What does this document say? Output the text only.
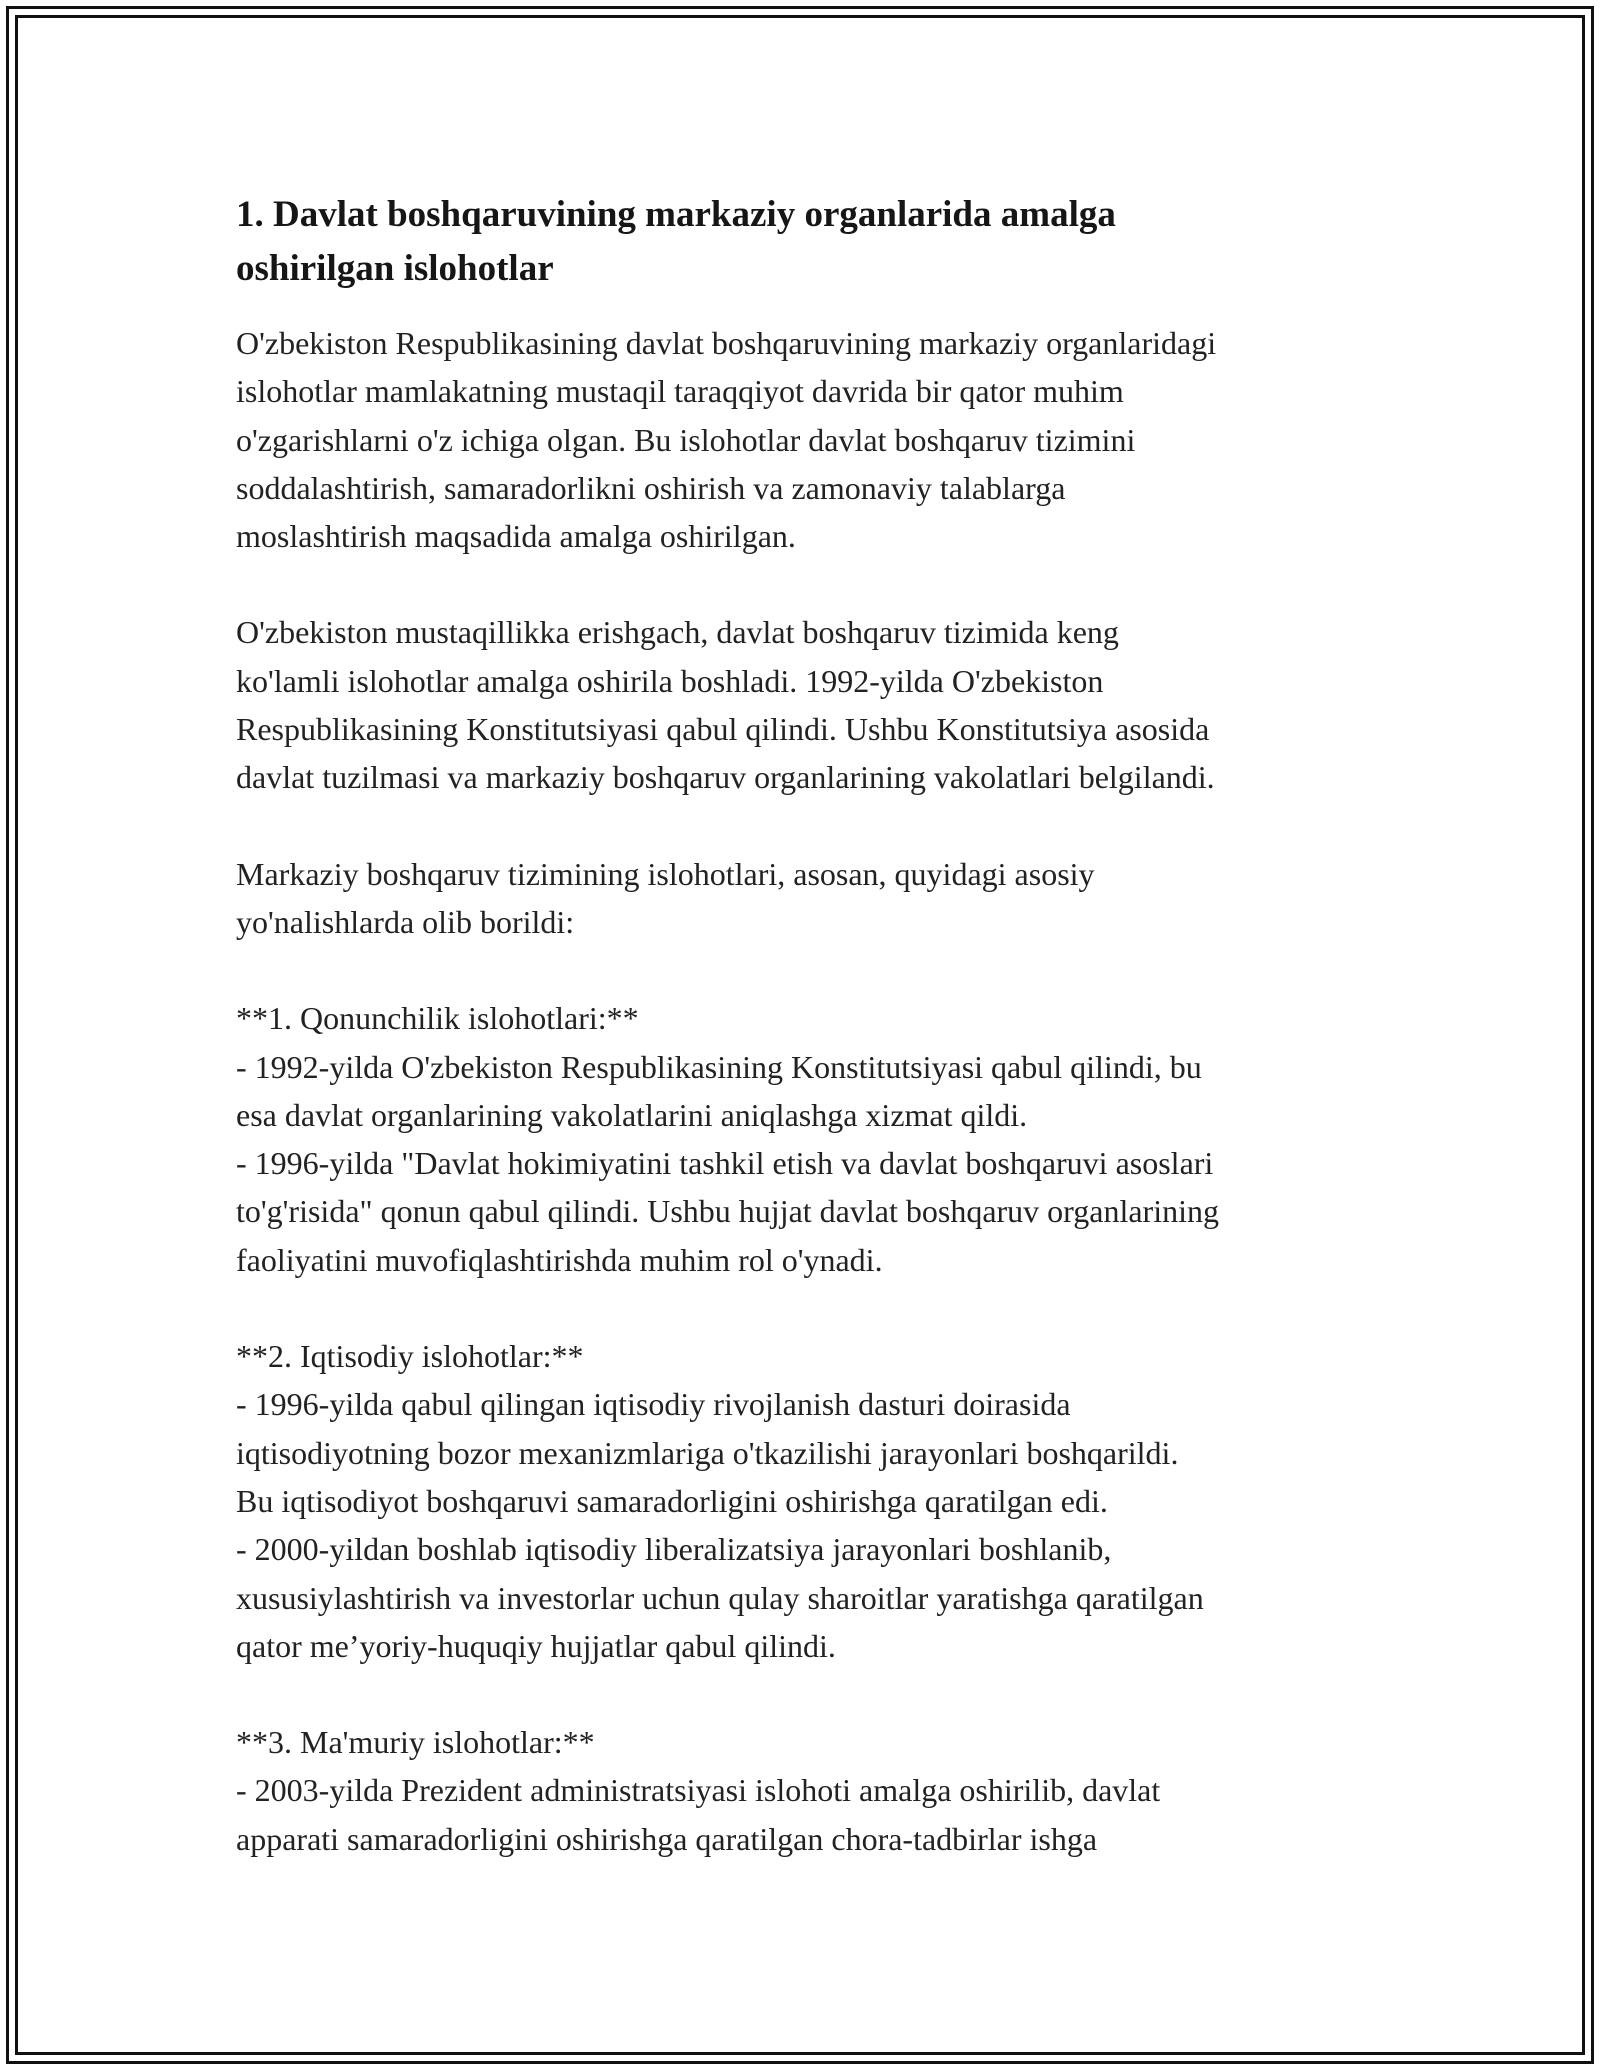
1. Davlat boshqaruvining markaziy organlarida amalga
oshirilgan islohotlar
O'zbekiston Respublikasining davlat boshqaruvining markaziy organlaridagi
islohotlar mamlakatning mustaqil taraqqiyot davrida bir qator muhim
o'zgarishlarni o'z ichiga olgan. Bu islohotlar davlat boshqaruv tizimini
soddalashtirish, samaradorlikni oshirish va zamonaviy talablarga
moslashtirish maqsadida amalga oshirilgan.
O'zbekiston mustaqillikka erishgach, davlat boshqaruv tizimida keng
ko'lamli islohotlar amalga oshirila boshladi. 1992-yilda O'zbekiston
Respublikasining Konstitutsiyasi qabul qilindi. Ushbu Konstitutsiya asosida
davlat tuzilmasi va markaziy boshqaruv organlarining vakolatlari belgilandi.
Markaziy boshqaruv tizimining islohotlari, asosan, quyidagi asosiy
yo'nalishlarda olib borildi:
**1. Qonunchilik islohotlari:**
- 1992-yilda O'zbekiston Respublikasining Konstitutsiyasi qabul qilindi, bu
esa davlat organlarining vakolatlarini aniqlashga xizmat qildi.
- 1996-yilda "Davlat hokimiyatini tashkil etish va davlat boshqaruvi asoslari
to'g'risida" qonun qabul qilindi. Ushbu hujjat davlat boshqaruv organlarining
faoliyatini muvofiqlashtirishda muhim rol o'ynadi.
**2. Iqtisodiy islohotlar:**
- 1996-yilda qabul qilingan iqtisodiy rivojlanish dasturi doirasida
iqtisodiyotning bozor mexanizmlariga o'tkazilishi jarayonlari boshqarildi.
Bu iqtisodiyot boshqaruvi samaradorligini oshirishga qaratilgan edi.
- 2000-yildan boshlab iqtisodiy liberalizatsiya jarayonlari boshlanib,
xususiylashtirish va investorlar uchun qulay sharoitlar yaratishga qaratilgan
qator me’yoriy-huquqiy hujjatlar qabul qilindi.
**3. Ma'muriy islohotlar:**
- 2003-yilda Prezident administratsiyasi islohoti amalga oshirilib, davlat
apparati samaradorligini oshirishga qaratilgan chora-tadbirlar ishga
